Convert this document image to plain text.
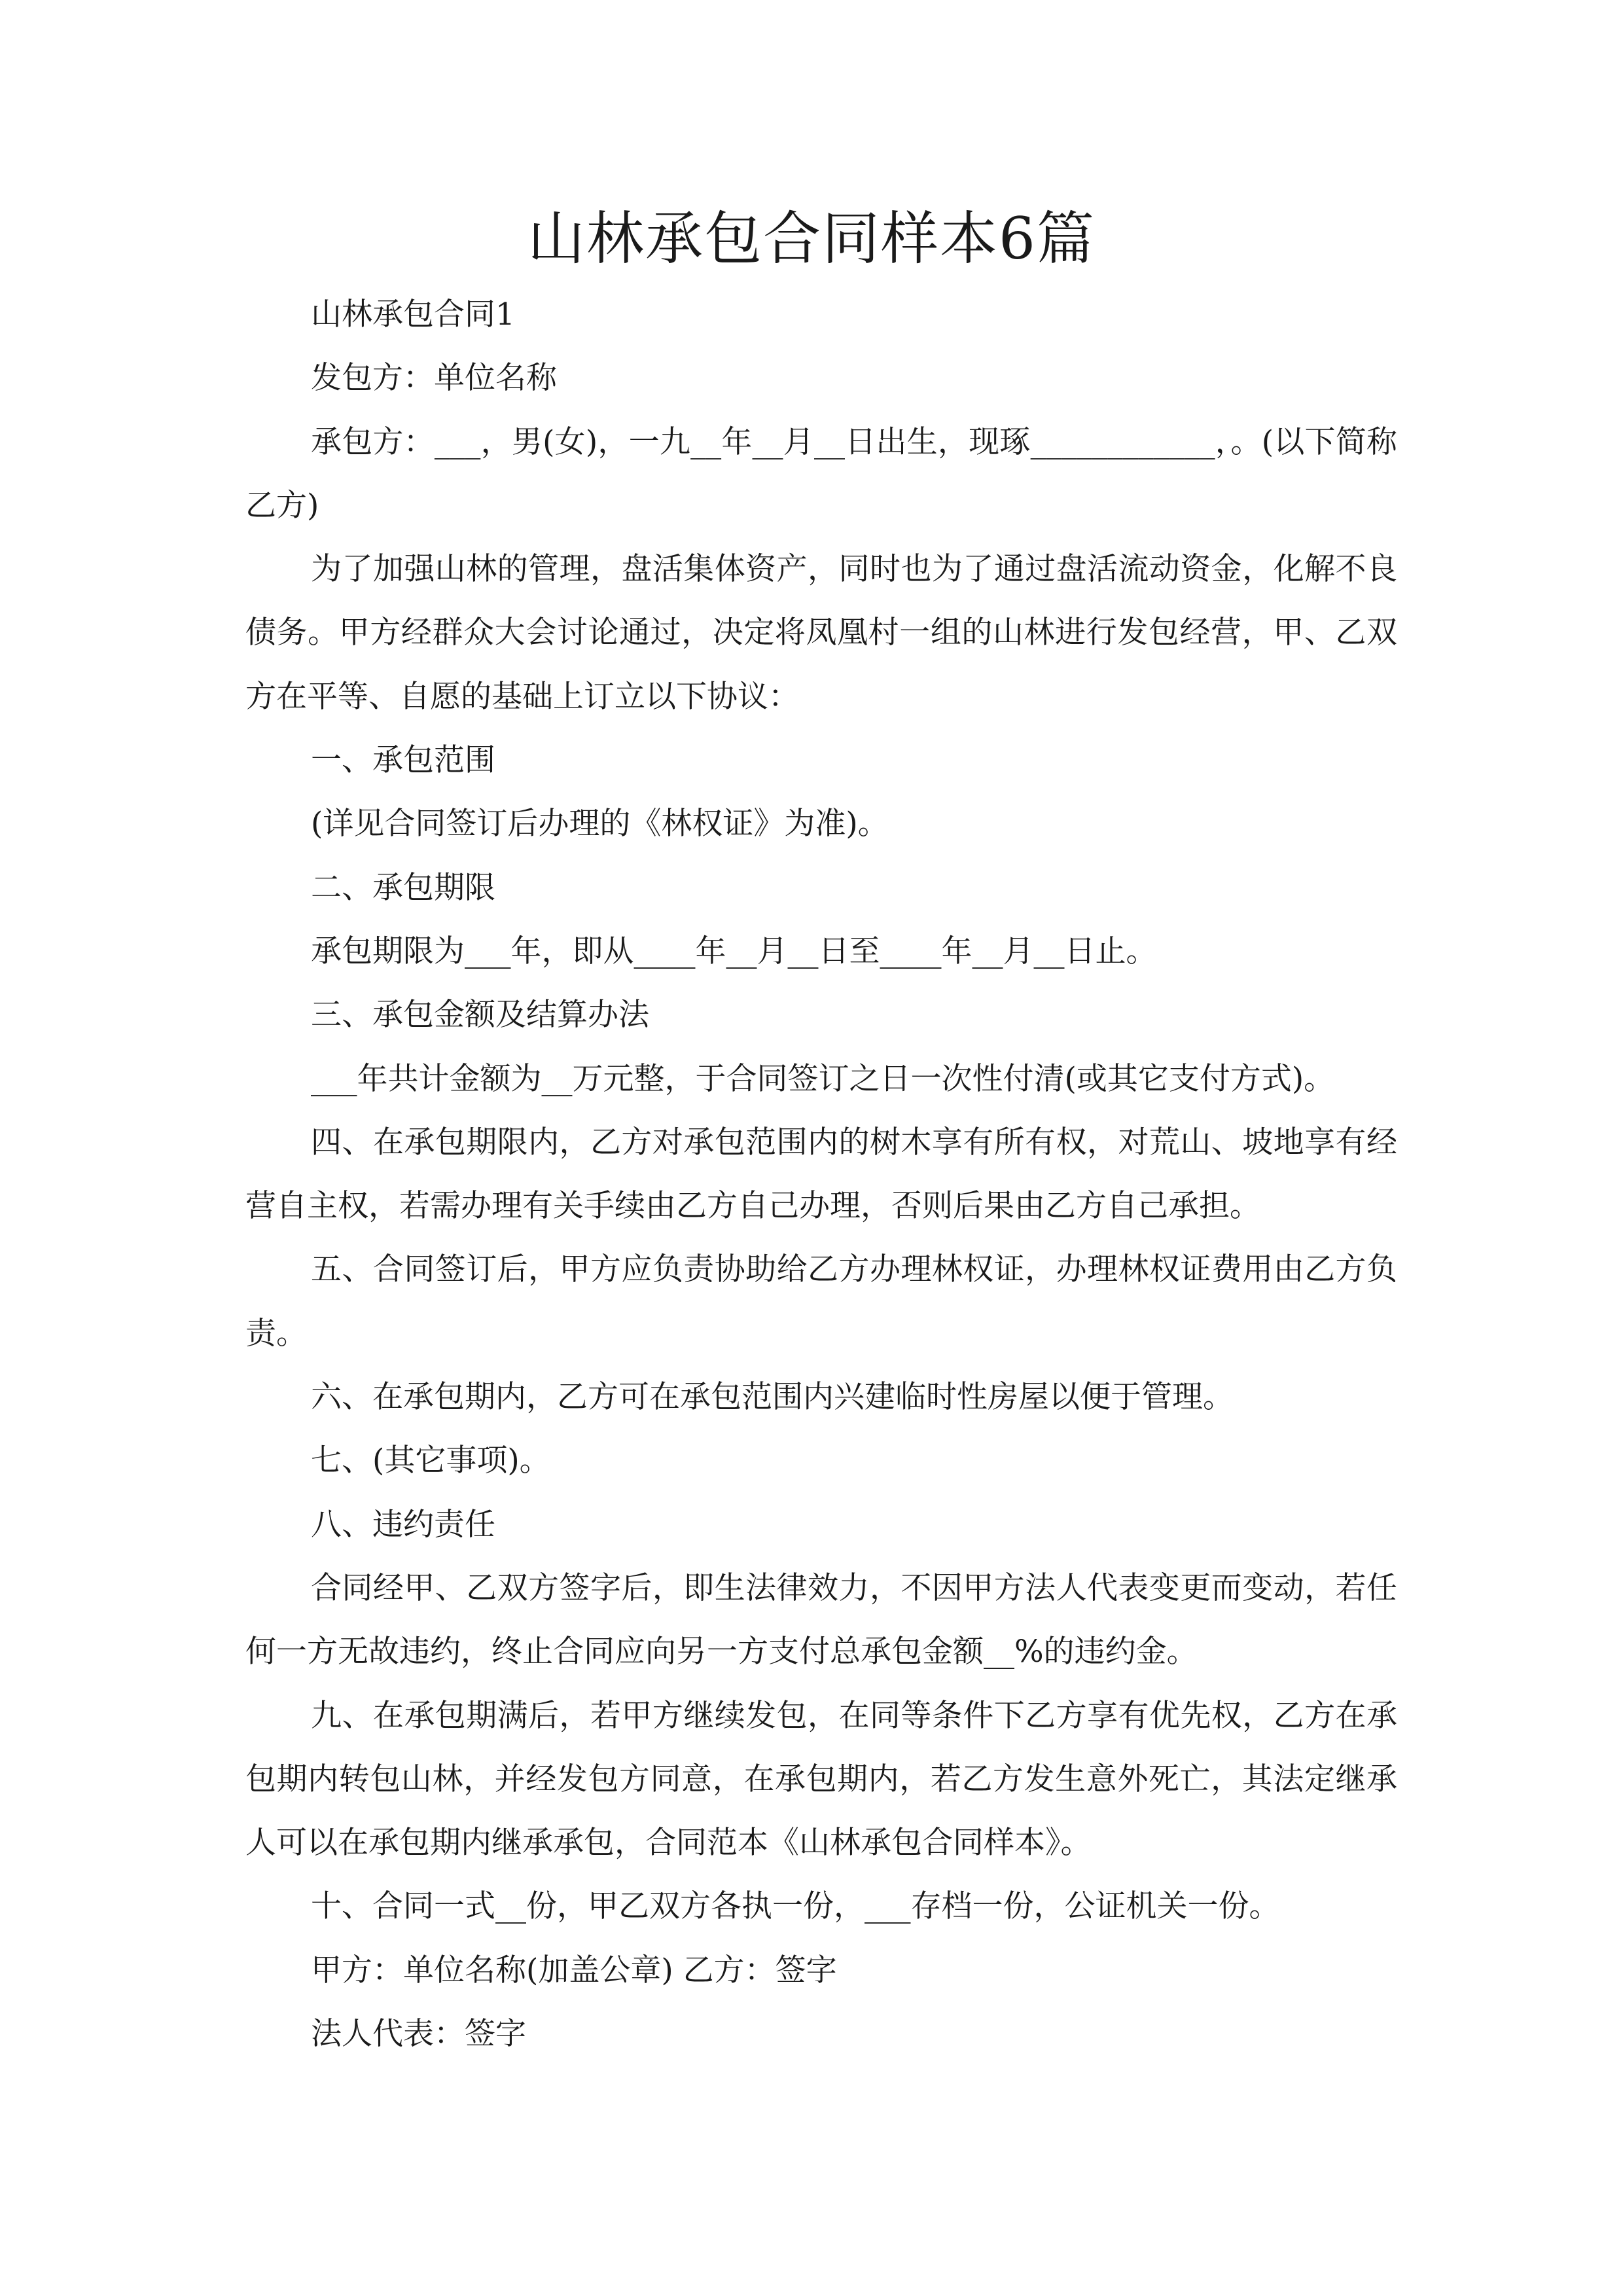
山林承包合同样本6篇

山林承包合同1

发包方：单位名称

承包方：___，男(女)，一九__年__月__日出生，现琢____________，。(以下简称乙方)

为了加强山林的管理，盘活集体资产，同时也为了通过盘活流动资金，化解不良债务。甲方经群众大会讨论通过，决定将凤凰村一组的山林进行发包经营，甲、乙双方在平等、自愿的基础上订立以下协议：

一、承包范围

(详见合同签订后办理的《林权证》为准)。

二、承包期限

承包期限为___年，即从____年__月__日至____年__月__日止。

三、承包金额及结算办法

___年共计金额为__万元整，于合同签订之日一次性付清(或其它支付方式)。

四、在承包期限内，乙方对承包范围内的树木享有所有权，对荒山、坡地享有经营自主权，若需办理有关手续由乙方自己办理，否则后果由乙方自己承担。

五、合同签订后，甲方应负责协助给乙方办理林权证，办理林权证费用由乙方负责。

六、在承包期内，乙方可在承包范围内兴建临时性房屋以便于管理。

七、(其它事项)。

八、违约责任

合同经甲、乙双方签字后，即生法律效力，不因甲方法人代表变更而变动，若任何一方无故违约，终止合同应向另一方支付总承包金额__%的违约金。

九、在承包期满后，若甲方继续发包，在同等条件下乙方享有优先权，乙方在承包期内转包山林，并经发包方同意，在承包期内，若乙方发生意外死亡，其法定继承人可以在承包期内继承承包，合同范本《山林承包合同样本》。

十、合同一式__份，甲乙双方各执一份，___存档一份，公证机关一份。

甲方：单位名称(加盖公章) 乙方：签字

法人代表：签字
